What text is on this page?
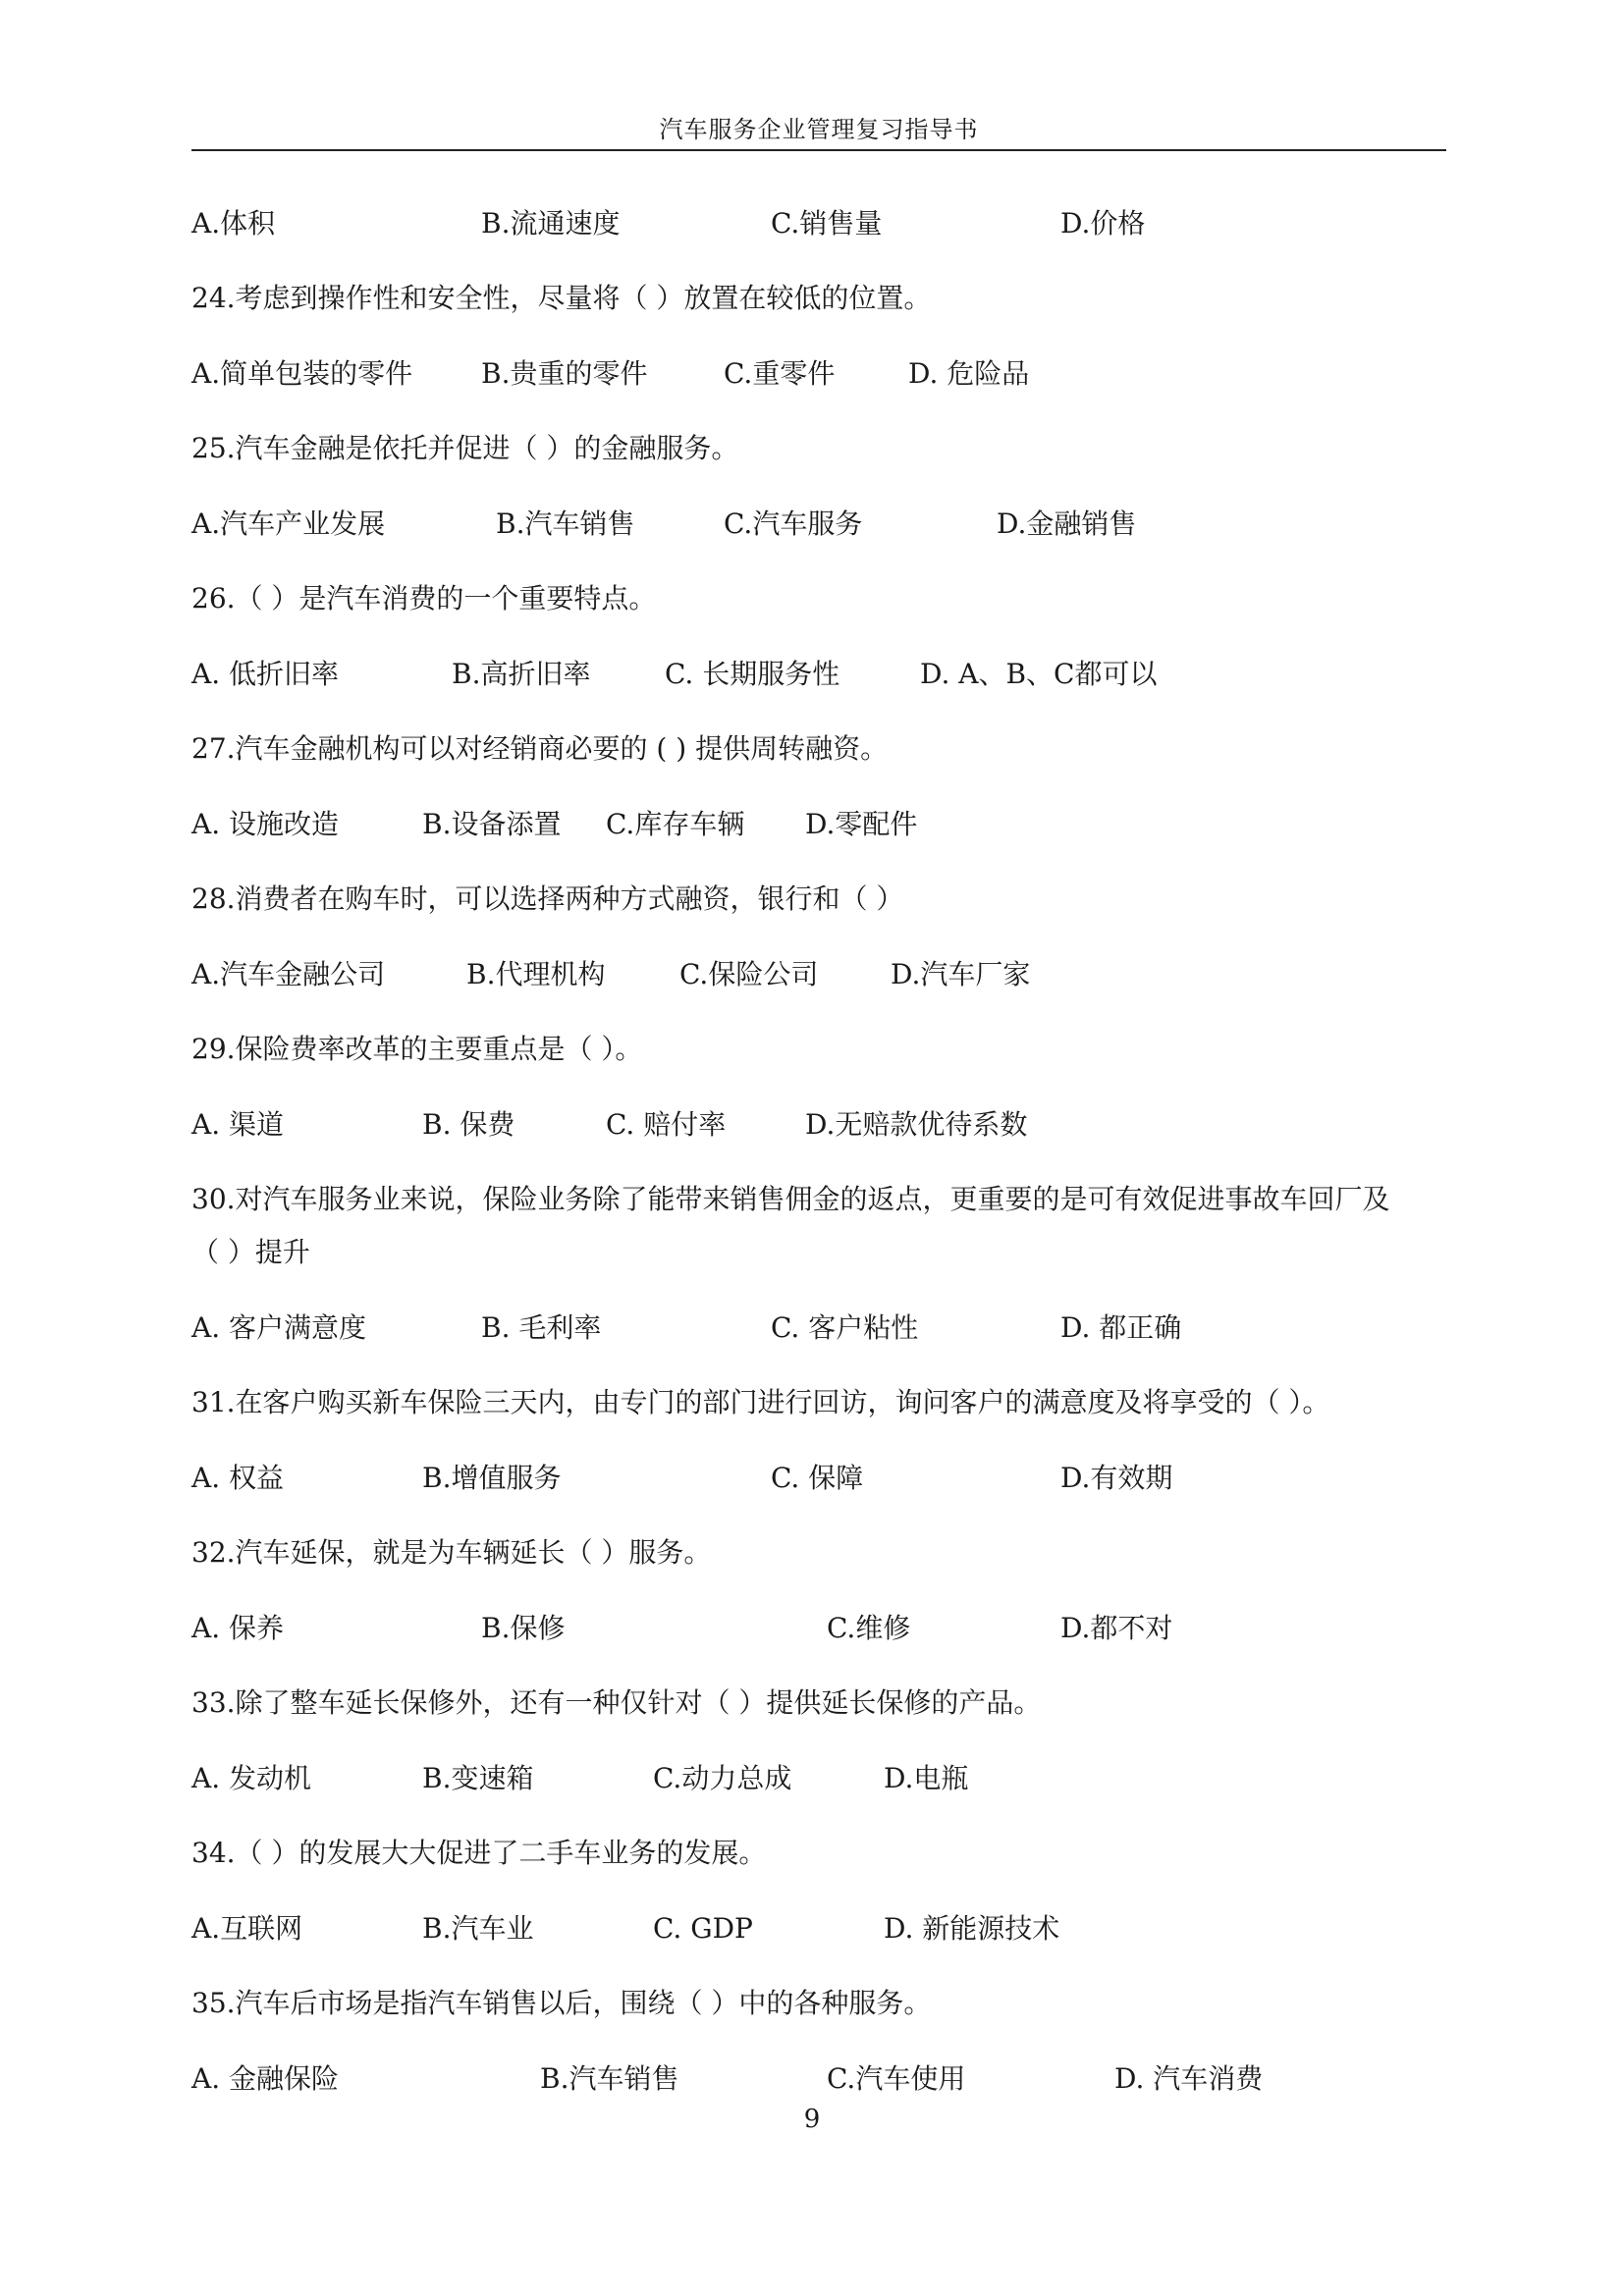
汽车服务企业管理复习指导书
A.体积	B.流通速度	C.销售量	D.价格
24.考虑到操作性和安全性，尽量将（ ）放置在较低的位置。
A.简单包装的零件 B.贵重的零件	C.重零件	D. 危险品
25.汽车金融是依托并促进（ ）的金融服务。
A.汽车产业发展	B.汽车销售	C.汽车服务	D.金融销售
26.（ ）是汽车消费的一个重要特点。
A. 低折旧率	B.高折旧率	C. 长期服务性	D. A、B、C都可以
27.汽车金融机构可以对经销商必要的 ( ) 提供周转融资。
A. 设施改造	B.设备添置 C.库存车辆 D.零配件
28.消费者在购车时，可以选择两种方式融资，银行和（ ）
A.汽车金融公司	B.代理机构	C.保险公司	D.汽车厂家
29.保险费率改革的主要重点是（ ）。
A. 渠道	B. 保费	C. 赔付率	D.无赔款优待系数
30.对汽车服务业来说，保险业务除了能带来销售佣金的返点，更重要的是可有效促进事故车回厂及
（ ）提升
A. 客户满意度	B. 毛利率	C. 客户粘性	D. 都正确
31.在客户购买新车保险三天内，由专门的部门进行回访，询问客户的满意度及将享受的（ ）。
A. 权益	B.增值服务	C. 保障	D.有效期
32.汽车延保，就是为车辆延长（ ）服务。
A. 保养	B.保修	C.维修	D.都不对
33.除了整车延长保修外，还有一种仅针对（ ）提供延长保修的产品。
A. 发动机	B.变速箱	C.动力总成	D.电瓶
34.（ ）的发展大大促进了二手车业务的发展。
A.互联网	B.汽车业	C. GDP	D. 新能源技术
35.汽车后市场是指汽车销售以后，围绕（ ）中的各种服务。
A. 金融保险	B.汽车销售	C.汽车使用	D. 汽车消费
9
